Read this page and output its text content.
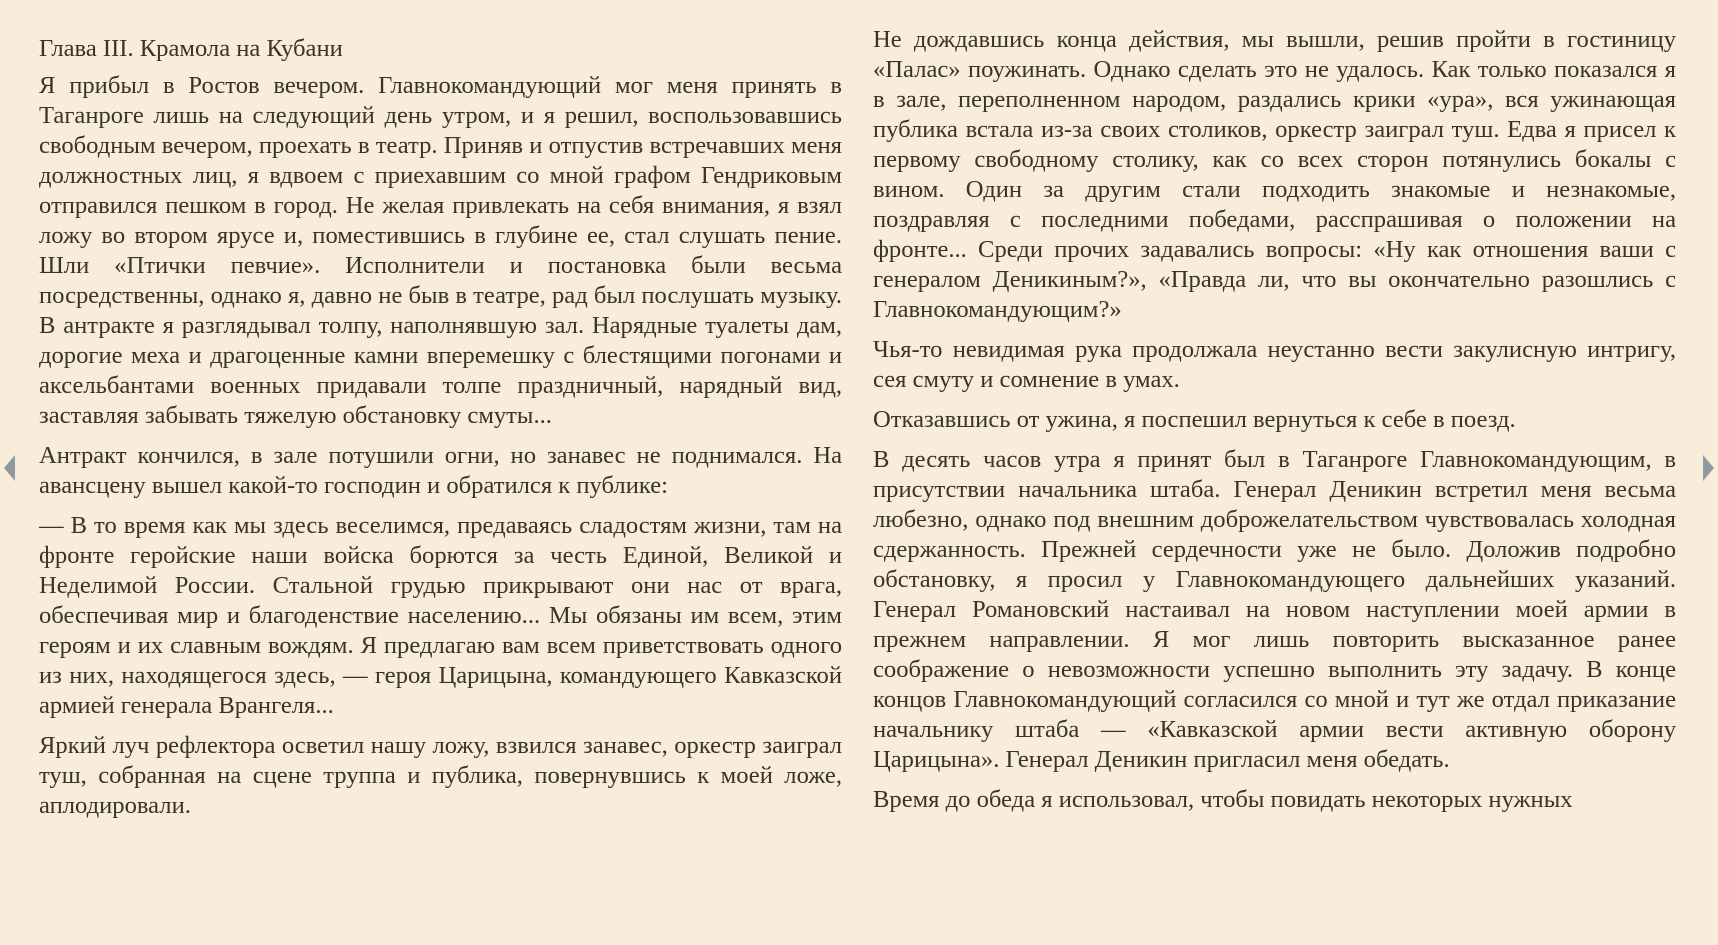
Глава III. Крамола на Кубани

Я прибыл в Ростов вечером. Главнокомандующий мог меня принять в Таганроге лишь на следующий день утром, и я решил, воспользовавшись свободным вечером, проехать в театр. Приняв и отпустив встречавших меня должностных лиц, я вдвоем с приехавшим со мной графом Гендриковым отправился пешком в город. Не желая привлекать на себя внимания, я взял ложу во втором ярусе и, поместившись в глубине ее, стал слушать пение. Шли «Птички певчие». Исполнители и постановка были весьма посредственны, однако я, давно не быв в театре, рад был послушать музыку. В антракте я разглядывал толпу, наполнявшую зал. Нарядные туалеты дам, дорогие меха и драгоценные камни вперемешку с блестящими погонами и аксельбантами военных придавали толпе праздничный, нарядный вид, заставляя забывать тяжелую обстановку смуты...

Антракт кончился, в зале потушили огни, но занавес не поднимался. На авансцену вышел какой-то господин и обратился к публике:

— В то время как мы здесь веселимся, предаваясь сладостям жизни, там на фронте геройские наши войска борются за честь Единой, Великой и Неделимой России. Стальной грудью прикрывают они нас от врага, обеспечивая мир и благоденствие населению... Мы обязаны им всем, этим героям и их славным вождям. Я предлагаю вам всем приветствовать одного из них, находящегося здесь, — героя Царицына, командующего Кавказской армией генерала Врангеля...

Яркий луч рефлектора осветил нашу ложу, взвился занавес, оркестр заиграл туш, собранная на сцене труппа и публика, повернувшись к моей ложе, аплодировали.

Не дождавшись конца действия, мы вышли, решив пройти в гостиницу «Палас» поужинать. Однако сделать это не удалось. Как только показался я в зале, переполненном народом, раздались крики «ура», вся ужинающая публика встала из-за своих столиков, оркестр заиграл туш. Едва я присел к первому свободному столику, как со всех сторон потянулись бокалы с вином. Один за другим стали подходить знакомые и незнакомые, поздравляя с последними победами, расспрашивая о положении на фронте... Среди прочих задавались вопросы: «Ну как отношения ваши с генералом Деникиным?», «Правда ли, что вы окончательно разошлись с Главнокомандующим?»

Чья-то невидимая рука продолжала неустанно вести закулисную интригу, сея смуту и сомнение в умах.

Отказавшись от ужина, я поспешил вернуться к себе в поезд.

В десять часов утра я принят был в Таганроге Главнокомандующим, в присутствии начальника штаба. Генерал Деникин встретил меня весьма любезно, однако под внешним доброжелательством чувствовалась холодная сдержанность. Прежней сердечности уже не было. Доложив подробно обстановку, я просил у Главнокомандующего дальнейших указаний. Генерал Романовский настаивал на новом наступлении моей армии в прежнем направлении. Я мог лишь повторить высказанное ранее соображение о невозможности успешно выполнить эту задачу. В конце концов Главнокомандующий согласился со мной и тут же отдал приказание начальнику штаба — «Кавказской армии вести активную оборону Царицына». Генерал Деникин пригласил меня обедать.

Время до обеда я использовал, чтобы повидать некоторых нужных
